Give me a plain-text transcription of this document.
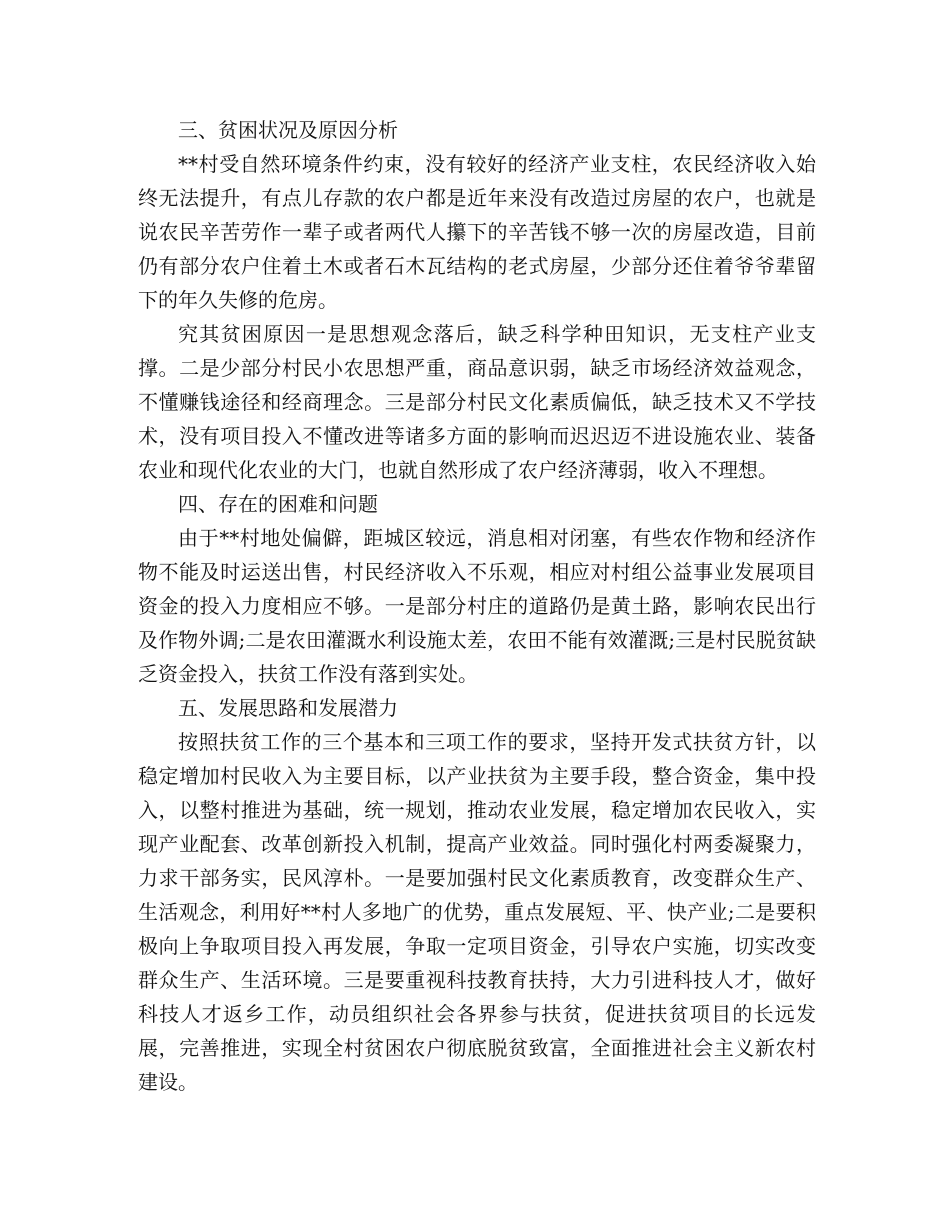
三、贫困状况及原因分析

**村受自然环境条件约束，没有较好的经济产业支柱，农民经济收入始终无法提升，有点儿存款的农户都是近年来没有改造过房屋的农户，也就是说农民辛苦劳作一辈子或者两代人攥下的辛苦钱不够一次的房屋改造，目前仍有部分农户住着土木或者石木瓦结构的老式房屋，少部分还住着爷爷辈留下的年久失修的危房。

究其贫困原因一是思想观念落后，缺乏科学种田知识，无支柱产业支撑。二是少部分村民小农思想严重，商品意识弱，缺乏市场经济效益观念，不懂赚钱途径和经商理念。三是部分村民文化素质偏低，缺乏技术又不学技术，没有项目投入不懂改进等诸多方面的影响而迟迟迈不进设施农业、装备农业和现代化农业的大门，也就自然形成了农户经济薄弱，收入不理想。

四、存在的困难和问题

由于**村地处偏僻，距城区较远，消息相对闭塞，有些农作物和经济作物不能及时运送出售，村民经济收入不乐观，相应对村组公益事业发展项目资金的投入力度相应不够。一是部分村庄的道路仍是黄土路，影响农民出行及作物外调;二是农田灌溉水利设施太差，农田不能有效灌溉;三是村民脱贫缺乏资金投入，扶贫工作没有落到实处。

五、发展思路和发展潜力

按照扶贫工作的三个基本和三项工作的要求，坚持开发式扶贫方针，以稳定增加村民收入为主要目标，以产业扶贫为主要手段，整合资金，集中投入，以整村推进为基础，统一规划，推动农业发展，稳定增加农民收入，实现产业配套、改革创新投入机制，提高产业效益。同时强化村两委凝聚力，力求干部务实，民风淳朴。一是要加强村民文化素质教育，改变群众生产、生活观念，利用好**村人多地广的优势，重点发展短、平、快产业;二是要积极向上争取项目投入再发展，争取一定项目资金，引导农户实施，切实改变群众生产、生活环境。三是要重视科技教育扶持，大力引进科技人才，做好科技人才返乡工作，动员组织社会各界参与扶贫，促进扶贫项目的长远发展，完善推进，实现全村贫困农户彻底脱贫致富，全面推进社会主义新农村建设。
